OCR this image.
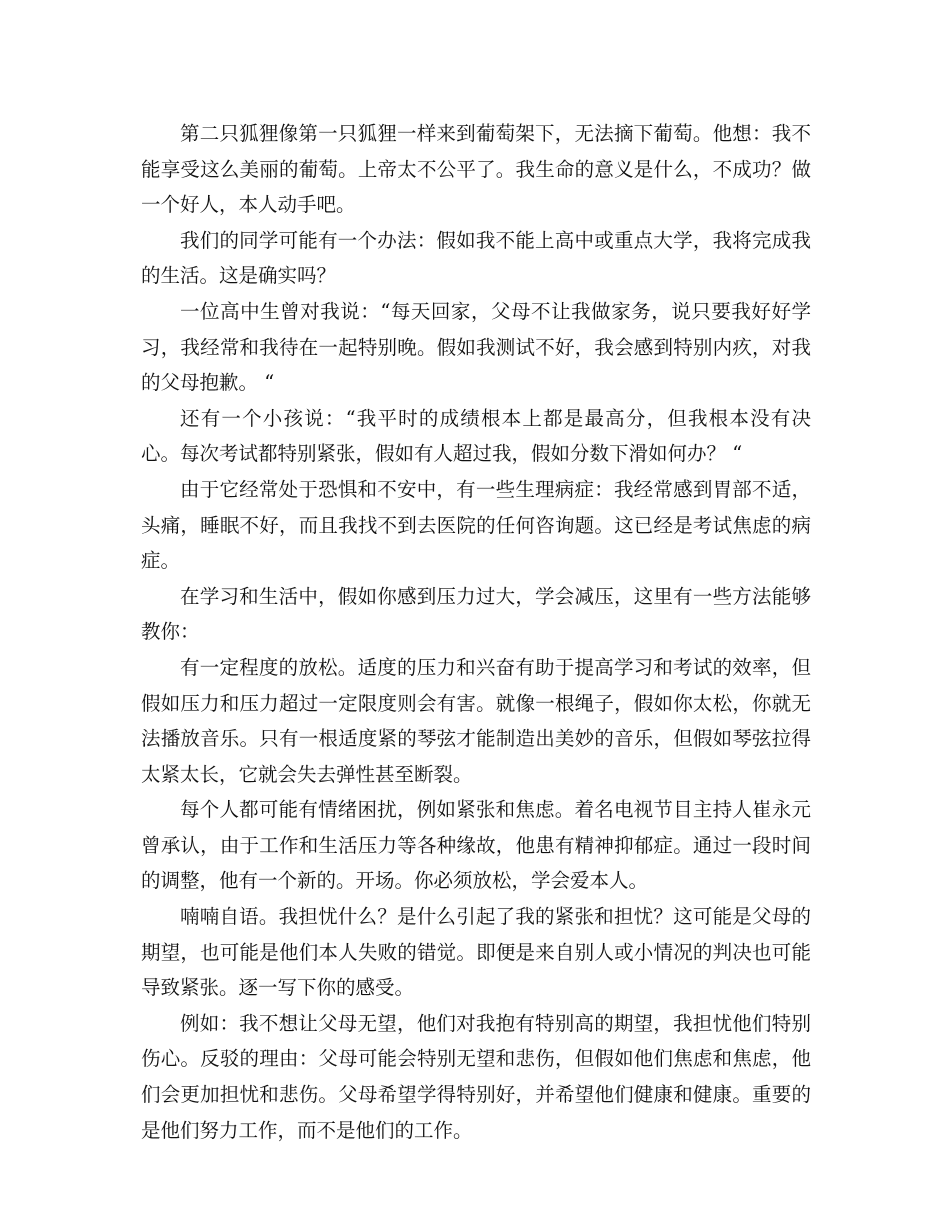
第二只狐狸像第一只狐狸一样来到葡萄架下，无法摘下葡萄。他想：我不能享受这么美丽的葡萄。上帝太不公平了。我生命的意义是什么，不成功？做一个好人，本人动手吧。

我们的同学可能有一个办法：假如我不能上高中或重点大学，我将完成我的生活。这是确实吗？

一位高中生曾对我说：“每天回家，父母不让我做家务，说只要我好好学习，我经常和我待在一起特别晚。假如我测试不好，我会感到特别内疚，对我的父母抱歉。 “

还有一个小孩说：“我平时的成绩根本上都是最高分，但我根本没有决心。每次考试都特别紧张，假如有人超过我，假如分数下滑如何办？ “

由于它经常处于恐惧和不安中，有一些生理病症：我经常感到胃部不适，头痛，睡眠不好，而且我找不到去医院的任何咨询题。这已经是考试焦虑的病症。

在学习和生活中，假如你感到压力过大，学会减压，这里有一些方法能够教你：

有一定程度的放松。适度的压力和兴奋有助于提高学习和考试的效率，但假如压力和压力超过一定限度则会有害。就像一根绳子，假如你太松，你就无法播放音乐。只有一根适度紧的琴弦才能制造出美妙的音乐，但假如琴弦拉得太紧太长，它就会失去弹性甚至断裂。

每个人都可能有情绪困扰，例如紧张和焦虑。着名电视节目主持人崔永元曾承认，由于工作和生活压力等各种缘故，他患有精神抑郁症。通过一段时间的调整，他有一个新的。开场。你必须放松，学会爱本人。

喃喃自语。我担忧什么？是什么引起了我的紧张和担忧？这可能是父母的期望，也可能是他们本人失败的错觉。即便是来自别人或小情况的判决也可能导致紧张。逐一写下你的感受。

例如：我不想让父母无望，他们对我抱有特别高的期望，我担忧他们特别伤心。反驳的理由：父母可能会特别无望和悲伤，但假如他们焦虑和焦虑，他们会更加担忧和悲伤。父母希望学得特别好，并希望他们健康和健康。重要的是他们努力工作，而不是他们的工作。
